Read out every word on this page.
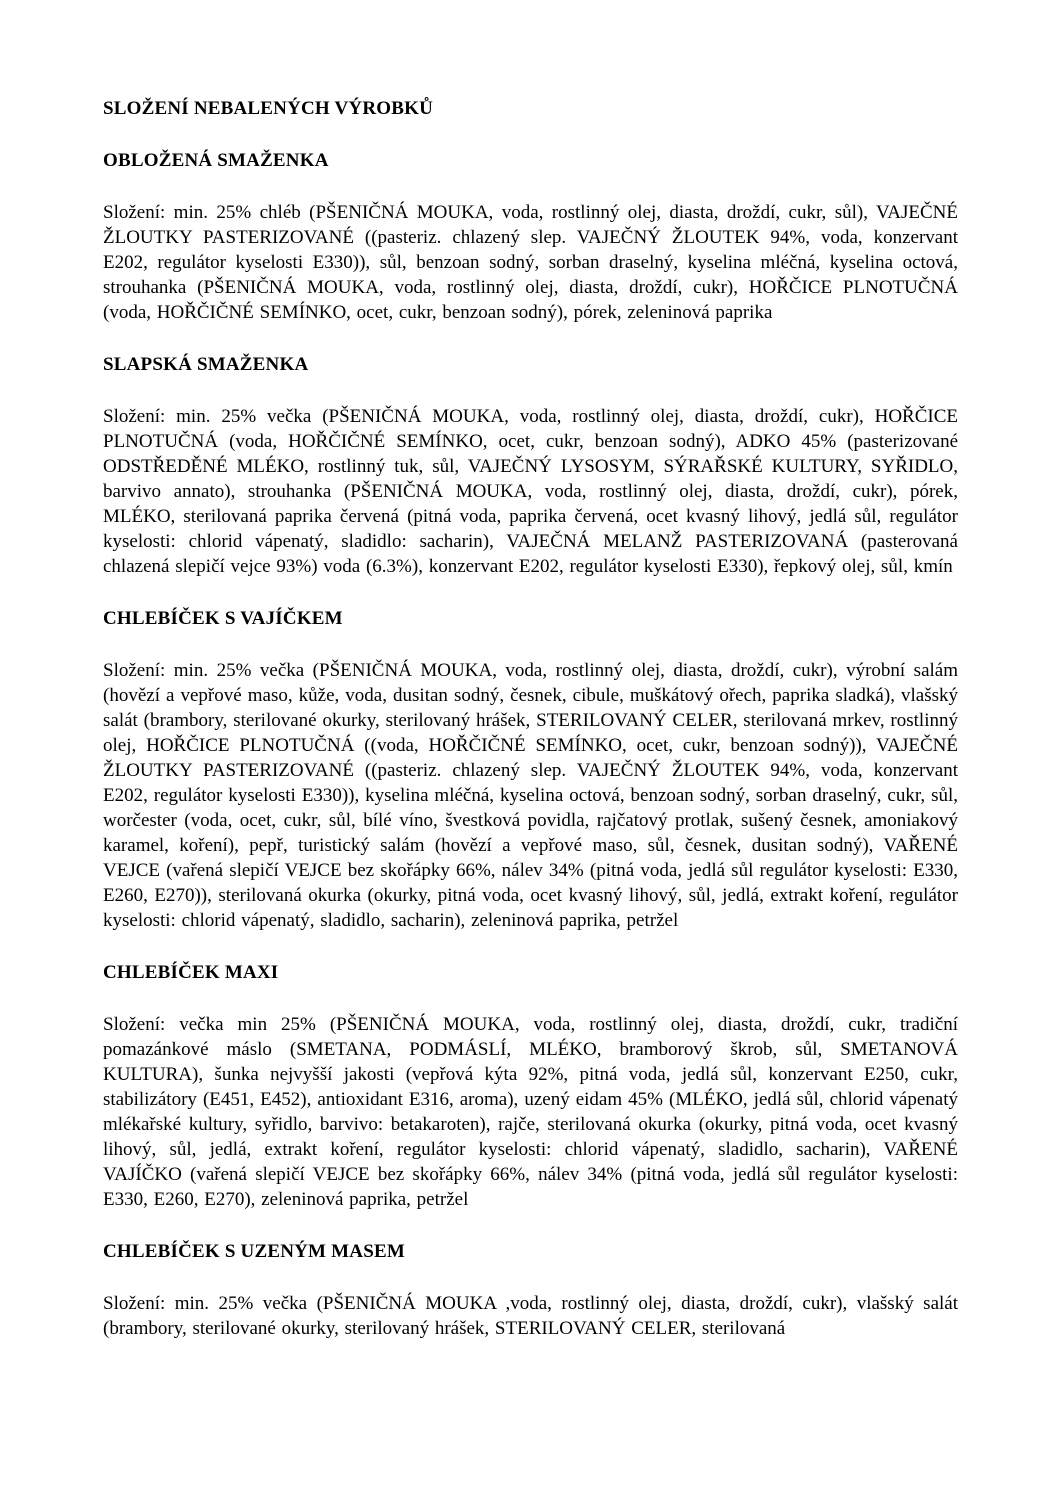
SLOŽENÍ NEBALENÝCH VÝROBKŮ
OBLOŽENÁ SMAŽENKA

Složení: min. 25% chléb (PŠENIČNÁ MOUKA, voda, rostlinný olej, diasta, droždí, cukr, sůl), VAJEČNÉ ŽLOUTKY PASTERIZOVANÉ ((pasteriz. chlazený slep. VAJEČNÝ ŽLOUTEK 94%, voda, konzervant E202, regulátor kyselosti E330)), sůl, benzoan sodný, sorban draselný, kyselina mléčná, kyselina octová, strouhanka (PŠENIČNÁ MOUKA, voda, rostlinný olej, diasta, droždí, cukr), HOŘČICE PLNOTUČNÁ (voda, HOŘČIČNÉ SEMÍNKO, ocet, cukr, benzoan sodný), pórek, zeleninová paprika

SLAPSKÁ SMAŽENKA

Složení: min. 25% večka (PŠENIČNÁ MOUKA, voda, rostlinný olej, diasta, droždí, cukr), HOŘČICE PLNOTUČNÁ (voda, HOŘČIČNÉ SEMÍNKO, ocet, cukr, benzoan sodný), ADKO 45% (pasterizované ODSTŘEDĚNÉ MLÉKO, rostlinný tuk, sůl, VAJEČNÝ LYSOSYM, SÝRAŘSKÉ KULTURY, SYŘIDLO, barvivo annato), strouhanka (PŠENIČNÁ MOUKA, voda, rostlinný olej, diasta, droždí, cukr), pórek, MLÉKO, sterilovaná paprika červená (pitná voda, paprika červená, ocet kvasný lihový, jedlá sůl, regulátor kyselosti: chlorid vápenatý, sladidlo: sacharin), VAJEČNÁ MELANŽ PASTERIZOVANÁ (pasterovaná chlazená slepičí vejce 93%) voda (6.3%), konzervant E202, regulátor kyselosti E330), řepkový olej, sůl, kmín

CHLEBÍČEK S VAJÍČKEM

Složení: min. 25% večka (PŠENIČNÁ MOUKA, voda, rostlinný olej, diasta, droždí, cukr), výrobní salám (hovězí a vepřové maso, kůže, voda, dusitan sodný, česnek, cibule, muškátový ořech, paprika sladká), vlašský salát (brambory, sterilované okurky, sterilovaný hrášek, STERILOVANÝ CELER, sterilovaná mrkev, rostlinný olej, HOŘČICE PLNOTUČNÁ ((voda, HOŘČIČNÉ SEMÍNKO, ocet, cukr, benzoan sodný)), VAJEČNÉ ŽLOUTKY PASTERIZOVANÉ ((pasteriz. chlazený slep. VAJEČNÝ ŽLOUTEK 94%, voda, konzervant E202, regulátor kyselosti E330)), kyselina mléčná, kyselina octová, benzoan sodný, sorban draselný, cukr, sůl, worčester (voda, ocet, cukr, sůl, bílé víno, švestková povidla, rajčatový protlak, sušený česnek, amoniakový karamel, koření), pepř, turistický salám (hovězí a vepřové maso, sůl, česnek, dusitan sodný), VAŘENÉ VEJCE (vařená slepičí VEJCE bez skořápky 66%, nálev 34% (pitná voda, jedlá sůl regulátor kyselosti: E330, E260, E270)), sterilovaná okurka (okurky, pitná voda, ocet kvasný lihový, sůl, jedlá, extrakt koření, regulátor kyselosti: chlorid vápenatý, sladidlo, sacharin), zeleninová paprika, petržel

CHLEBÍČEK MAXI

Složení: večka min 25% (PŠENIČNÁ MOUKA, voda, rostlinný olej, diasta, droždí, cukr, tradiční pomazánkové máslo (SMETANA, PODMÁSLÍ, MLÉKO, bramborový škrob, sůl, SMETANOVÁ KULTURA), šunka nejvyšší jakosti (vepřová kýta 92%, pitná voda, jedlá sůl, konzervant E250, cukr, stabilizátory (E451, E452), antioxidant E316, aroma), uzený eidam 45% (MLÉKO, jedlá sůl, chlorid vápenatý mlékařské kultury, syřidlo, barvivo: betakaroten), rajče, sterilovaná okurka (okurky, pitná voda, ocet kvasný lihový, sůl, jedlá, extrakt koření, regulátor kyselosti: chlorid vápenatý, sladidlo, sacharin), VAŘENÉ VAJÍČKO (vařená slepičí VEJCE bez skořápky 66%, nálev 34% (pitná voda, jedlá sůl regulátor kyselosti: E330, E260, E270), zeleninová paprika, petržel

CHLEBÍČEK S UZENÝM MASEM

Složení: min. 25% večka (PŠENIČNÁ MOUKA ,voda, rostlinný olej, diasta, droždí, cukr), vlašský salát (brambory, sterilované okurky, sterilovaný hrášek, STERILOVANÝ CELER, sterilovaná
